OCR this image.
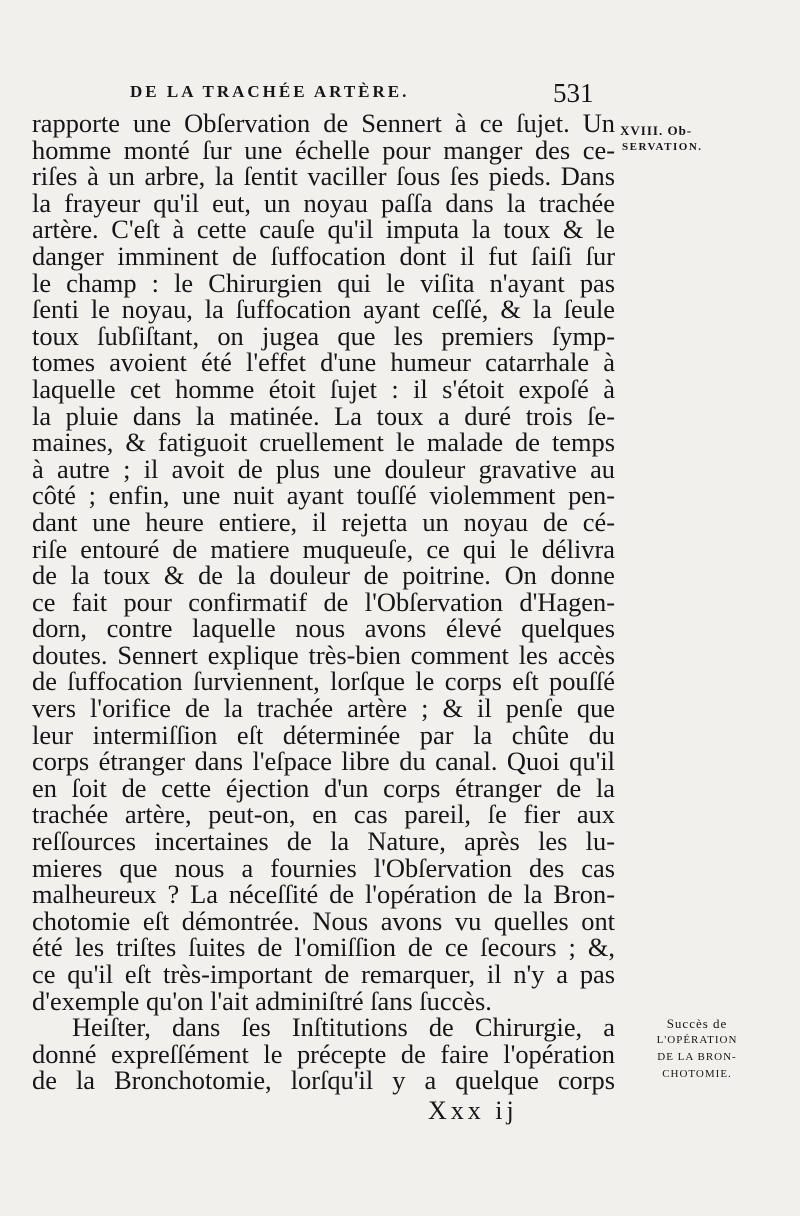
DE LA TRACHÉE ARTÈRE.	531
rapporte une Obſervation de Sennert à ce ſujet. Un
homme monté ſur une échelle pour manger des ce-
riſes à un arbre, la ſentit vaciller ſous ſes pieds. Dans
la frayeur qu'il eut, un noyau paſſa dans la trachée
artère. C'eſt à cette cauſe qu'il imputa la toux & le
danger imminent de ſuffocation dont il fut ſaiſi ſur
le champ : le Chirurgien qui le viſita n'ayant pas
ſenti le noyau, la ſuffocation ayant ceſſé, & la ſeule
toux ſubſiſtant, on jugea que les premiers ſymp-
tomes avoient été l'effet d'une humeur catarrhale à
laquelle cet homme étoit ſujet : il s'étoit expoſé à
la pluie dans la matinée. La toux a duré trois ſe-
maines, & fatiguoit cruellement le malade de temps
à autre ; il avoit de plus une douleur gravative au
côté ; enfin, une nuit ayant touſſé violemment pen-
dant une heure entiere, il rejetta un noyau de cé-
riſe entouré de matiere muqueuſe, ce qui le délivra
de la toux & de la douleur de poitrine. On donne
ce fait pour confirmatif de l'Obſervation d'Hagen-
dorn, contre laquelle nous avons élevé quelques
doutes. Sennert explique très-bien comment les accès
de ſuffocation ſurviennent, lorſque le corps eſt pouſſé
vers l'orifice de la trachée artère ; & il penſe que
leur intermiſſion eſt déterminée par la chûte du
corps étranger dans l'eſpace libre du canal. Quoi qu'il
en ſoit de cette éjection d'un corps étranger de la
trachée artère, peut-on, en cas pareil, ſe fier aux
reſſources incertaines de la Nature, après les lu-
mieres que nous a fournies l'Obſervation des cas
malheureux ? La néceſſité de l'opération de la Bron-
chotomie eſt démontrée. Nous avons vu quelles ont
été les triſtes ſuites de l'omiſſion de ce ſecours ; &,
ce qu'il eſt très-important de remarquer, il n'y a pas
d'exemple qu'on l'ait adminiſtré ſans ſuccès.
Heiſter, dans ſes Inſtitutions de Chirurgie, a
donné expreſſément le précepte de faire l'opération
de la Bronchotomie, lorſqu'il y a quelque corps
XVIII. Ob-
SERVATION.
Succès de
L'OPÉRATION
DE LA BRON-
CHOTOMIE.
Xxx ij
